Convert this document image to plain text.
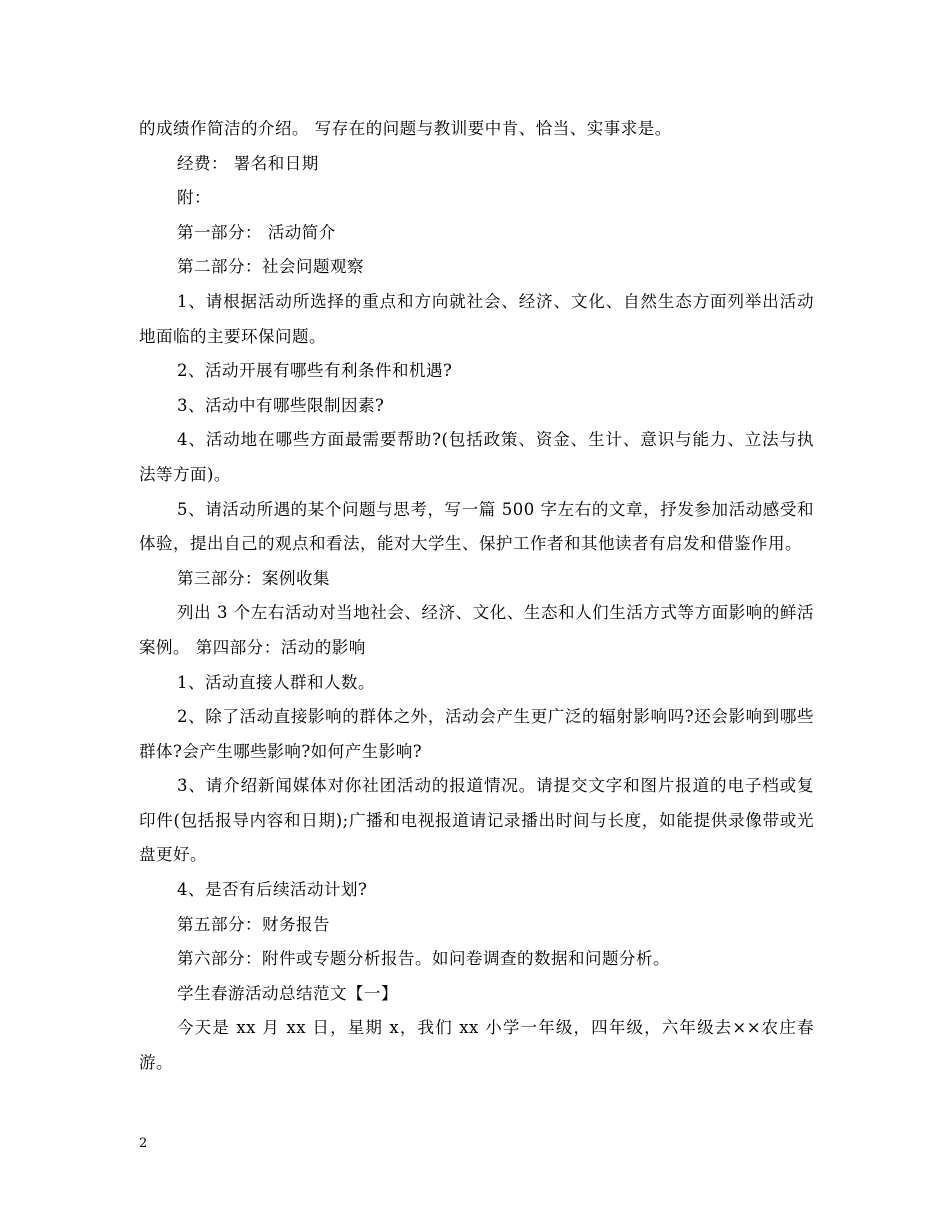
的成绩作简洁的介绍。 写存在的问题与教训要中肯、恰当、实事求是。

经费： 署名和日期

附：

第一部分： 活动简介

第二部分：社会问题观察

1、请根据活动所选择的重点和方向就社会、经济、文化、自然生态方面列举出活动地面临的主要环保问题。

2、活动开展有哪些有利条件和机遇?

3、活动中有哪些限制因素?

4、活动地在哪些方面最需要帮助?(包括政策、资金、生计、意识与能力、立法与执法等方面)。

5、请活动所遇的某个问题与思考，写一篇 500 字左右的文章，抒发参加活动感受和体验，提出自己的观点和看法，能对大学生、保护工作者和其他读者有启发和借鉴作用。

第三部分：案例收集

列出 3 个左右活动对当地社会、经济、文化、生态和人们生活方式等方面影响的鲜活案例。 第四部分：活动的影响

1、活动直接人群和人数。

2、除了活动直接影响的群体之外，活动会产生更广泛的辐射影响吗?还会影响到哪些群体?会产生哪些影响?如何产生影响?

3、请介绍新闻媒体对你社团活动的报道情况。请提交文字和图片报道的电子档或复印件(包括报导内容和日期);广播和电视报道请记录播出时间与长度，如能提供录像带或光盘更好。

4、是否有后续活动计划?

第五部分：财务报告

第六部分：附件或专题分析报告。如问卷调查的数据和问题分析。

学生春游活动总结范文【一】

今天是 xx 月 xx 日，星期 x，我们 xx 小学一年级，四年级，六年级去××农庄春游。

2
